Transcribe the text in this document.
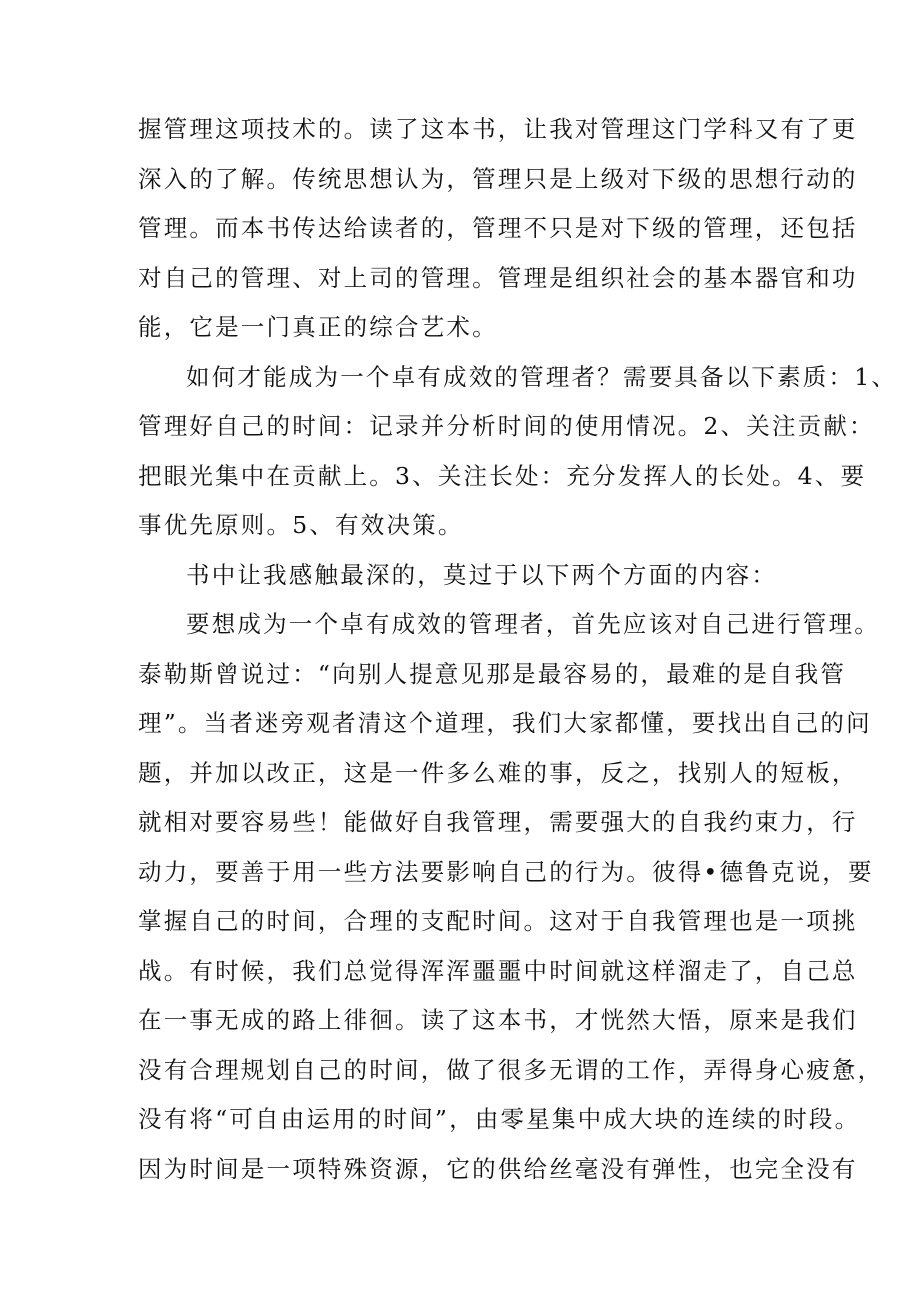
握管理这项技术的。读了这本书，让我对管理这门学科又有了更
深入的了解。传统思想认为，管理只是上级对下级的思想行动的
管理。而本书传达给读者的，管理不只是对下级的管理，还包括
对自己的管理、对上司的管理。管理是组织社会的基本器官和功
能，它是一门真正的综合艺术。
如何才能成为一个卓有成效的管理者？需要具备以下素质：1、
管理好自己的时间：记录并分析时间的使用情况。2、关注贡献：
把眼光集中在贡献上。3、关注长处：充分发挥人的长处。4、要
事优先原则。5、有效决策。
书中让我感触最深的，莫过于以下两个方面的内容：
要想成为一个卓有成效的管理者，首先应该对自己进行管理。
泰勒斯曾说过：“向别人提意见那是最容易的，最难的是自我管
理”。当者迷旁观者清这个道理，我们大家都懂，要找出自己的问
题，并加以改正，这是一件多么难的事，反之，找别人的短板，
就相对要容易些！能做好自我管理，需要强大的自我约束力，行
动力，要善于用一些方法要影响自己的行为。彼得•德鲁克说，要
掌握自己的时间，合理的支配时间。这对于自我管理也是一项挑
战。有时候，我们总觉得浑浑噩噩中时间就这样溜走了，自己总
在一事无成的路上徘徊。读了这本书，才恍然大悟，原来是我们
没有合理规划自己的时间，做了很多无谓的工作，弄得身心疲惫，
没有将“可自由运用的时间”，由零星集中成大块的连续的时段。
因为时间是一项特殊资源，它的供给丝毫没有弹性，也完全没有
